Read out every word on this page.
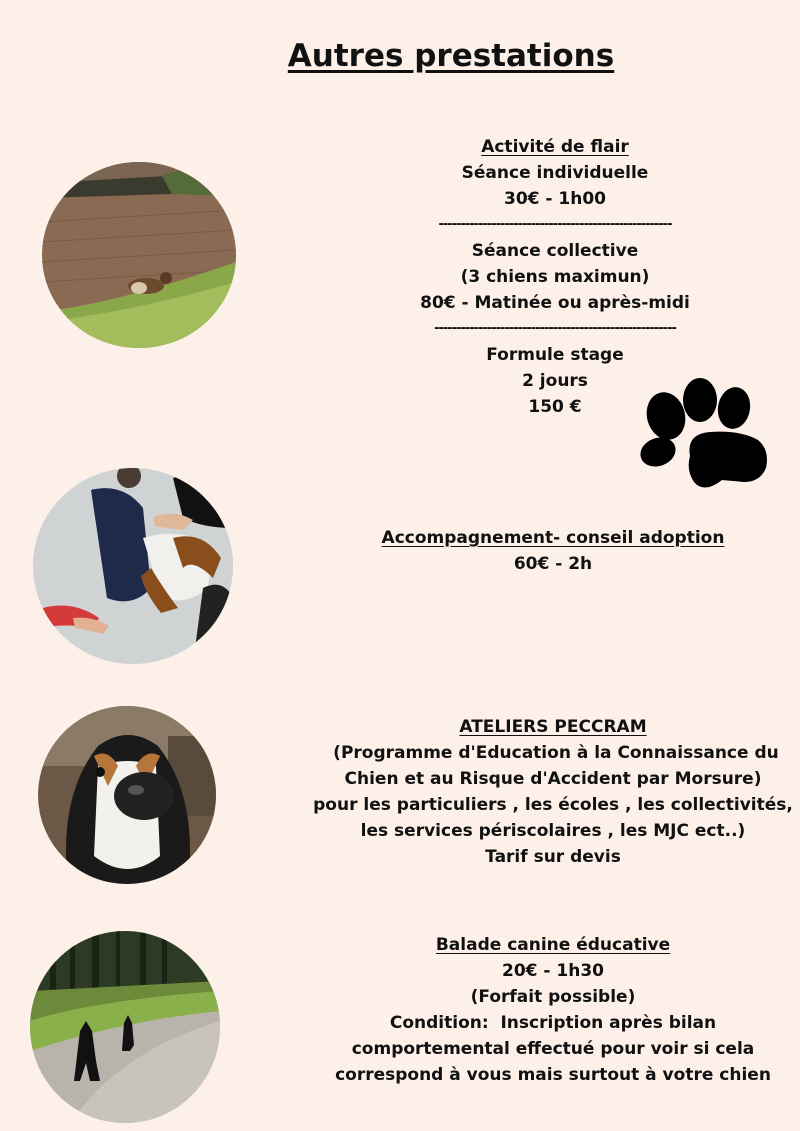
Autres prestations
Activité de flair
Séance individuelle
30€ - 1h00
-----------------------------------------------------
Séance collective
(3 chiens maximun)
80€ - Matinée ou après-midi
-------------------------------------------------------
Formule stage
2 jours
150 €
Accompagnement- conseil adoption
60€ - 2h
ATELIERS PECCRAM
(Programme d'Education à la Connaissance du
Chien et au Risque d'Accident par Morsure)
pour les particuliers , les écoles , les collectivités,
les services périscolaires , les MJC ect..)
Tarif sur devis
Balade canine éducative
20€ - 1h30
(Forfait possible)
Condition:  Inscription après bilan
comportemental effectué pour voir si cela
correspond à vous mais surtout à votre chien
